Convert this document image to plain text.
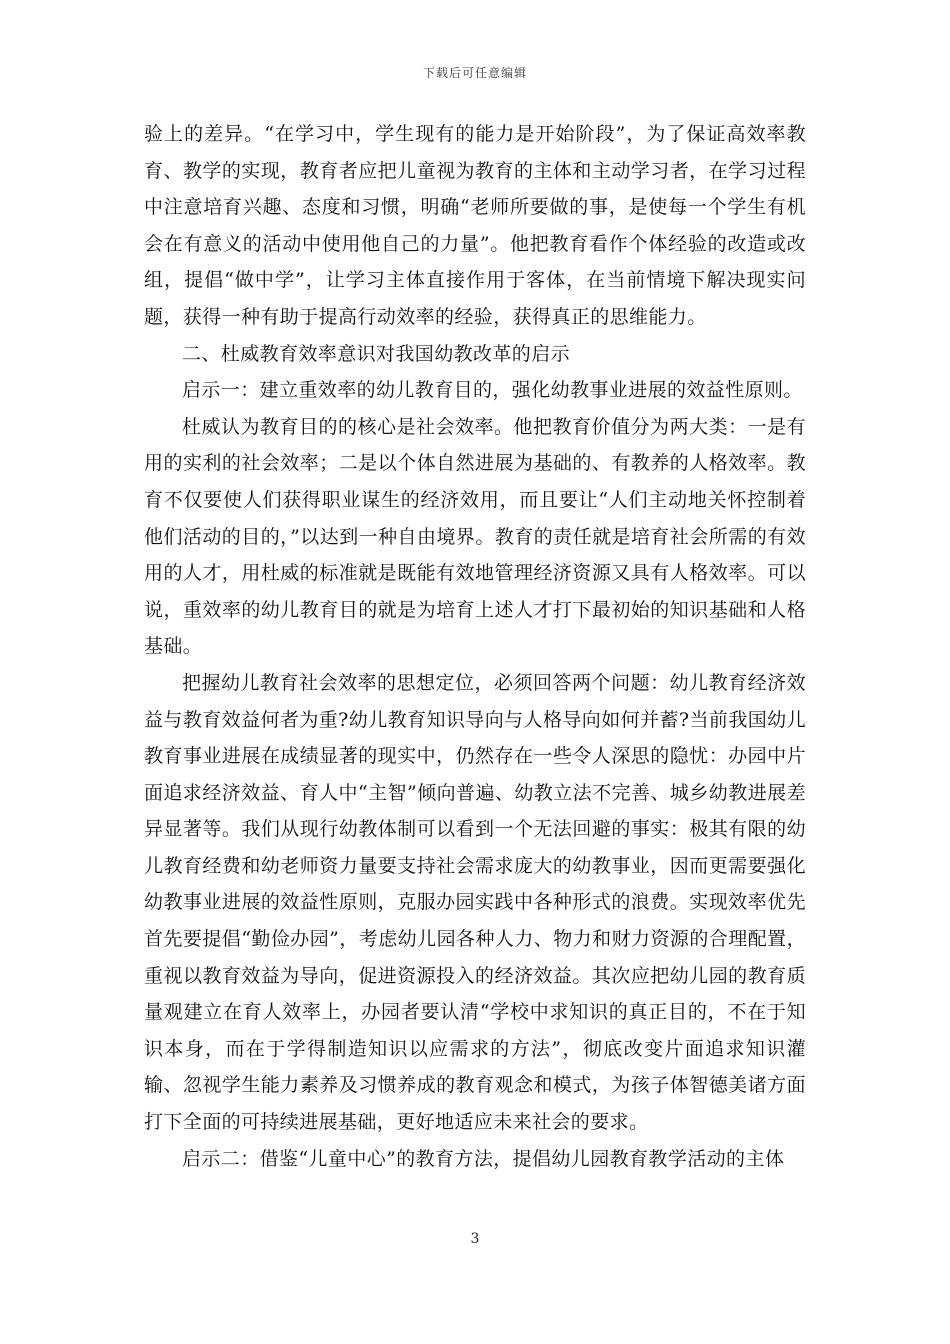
下载后可任意编辑

验上的差异。“在学习中，学生现有的能力是开始阶段”，为了保证高效率教育、教学的实现，教育者应把儿童视为教育的主体和主动学习者，在学习过程中注意培育兴趣、态度和习惯，明确“老师所要做的事，是使每一个学生有机会在有意义的活动中使用他自己的力量”。他把教育看作个体经验的改造或改组，提倡“做中学”，让学习主体直接作用于客体，在当前情境下解决现实问题，获得一种有助于提高行动效率的经验，获得真正的思维能力。

二、杜威教育效率意识对我国幼教改革的启示

启示一：建立重效率的幼儿教育目的，强化幼教事业进展的效益性原则。

杜威认为教育目的的核心是社会效率。他把教育价值分为两大类：一是有用的实利的社会效率；二是以个体自然进展为基础的、有教养的人格效率。教育不仅要使人们获得职业谋生的经济效用，而且要让“人们主动地关怀控制着他们活动的目的，”以达到一种自由境界。教育的责任就是培育社会所需的有效用的人才，用杜威的标准就是既能有效地管理经济资源又具有人格效率。可以说，重效率的幼儿教育目的就是为培育上述人才打下最初始的知识基础和人格基础。

把握幼儿教育社会效率的思想定位，必须回答两个问题：幼儿教育经济效益与教育效益何者为重?幼儿教育知识导向与人格导向如何并蓄?当前我国幼儿教育事业进展在成绩显著的现实中，仍然存在一些令人深思的隐忧：办园中片面追求经济效益、育人中“主智”倾向普遍、幼教立法不完善、城乡幼教进展差异显著等。我们从现行幼教体制可以看到一个无法回避的事实：极其有限的幼儿教育经费和幼老师资力量要支持社会需求庞大的幼教事业，因而更需要强化幼教事业进展的效益性原则，克服办园实践中各种形式的浪费。实现效率优先首先要提倡“勤俭办园”，考虑幼儿园各种人力、物力和财力资源的合理配置，重视以教育效益为导向，促进资源投入的经济效益。其次应把幼儿园的教育质量观建立在育人效率上，办园者要认清“学校中求知识的真正目的，不在于知识本身，而在于学得制造知识以应需求的方法”，彻底改变片面追求知识灌输、忽视学生能力素养及习惯养成的教育观念和模式，为孩子体智德美诸方面打下全面的可持续进展基础，更好地适应未来社会的要求。

启示二：借鉴“儿童中心”的教育方法，提倡幼儿园教育教学活动的主体

3
